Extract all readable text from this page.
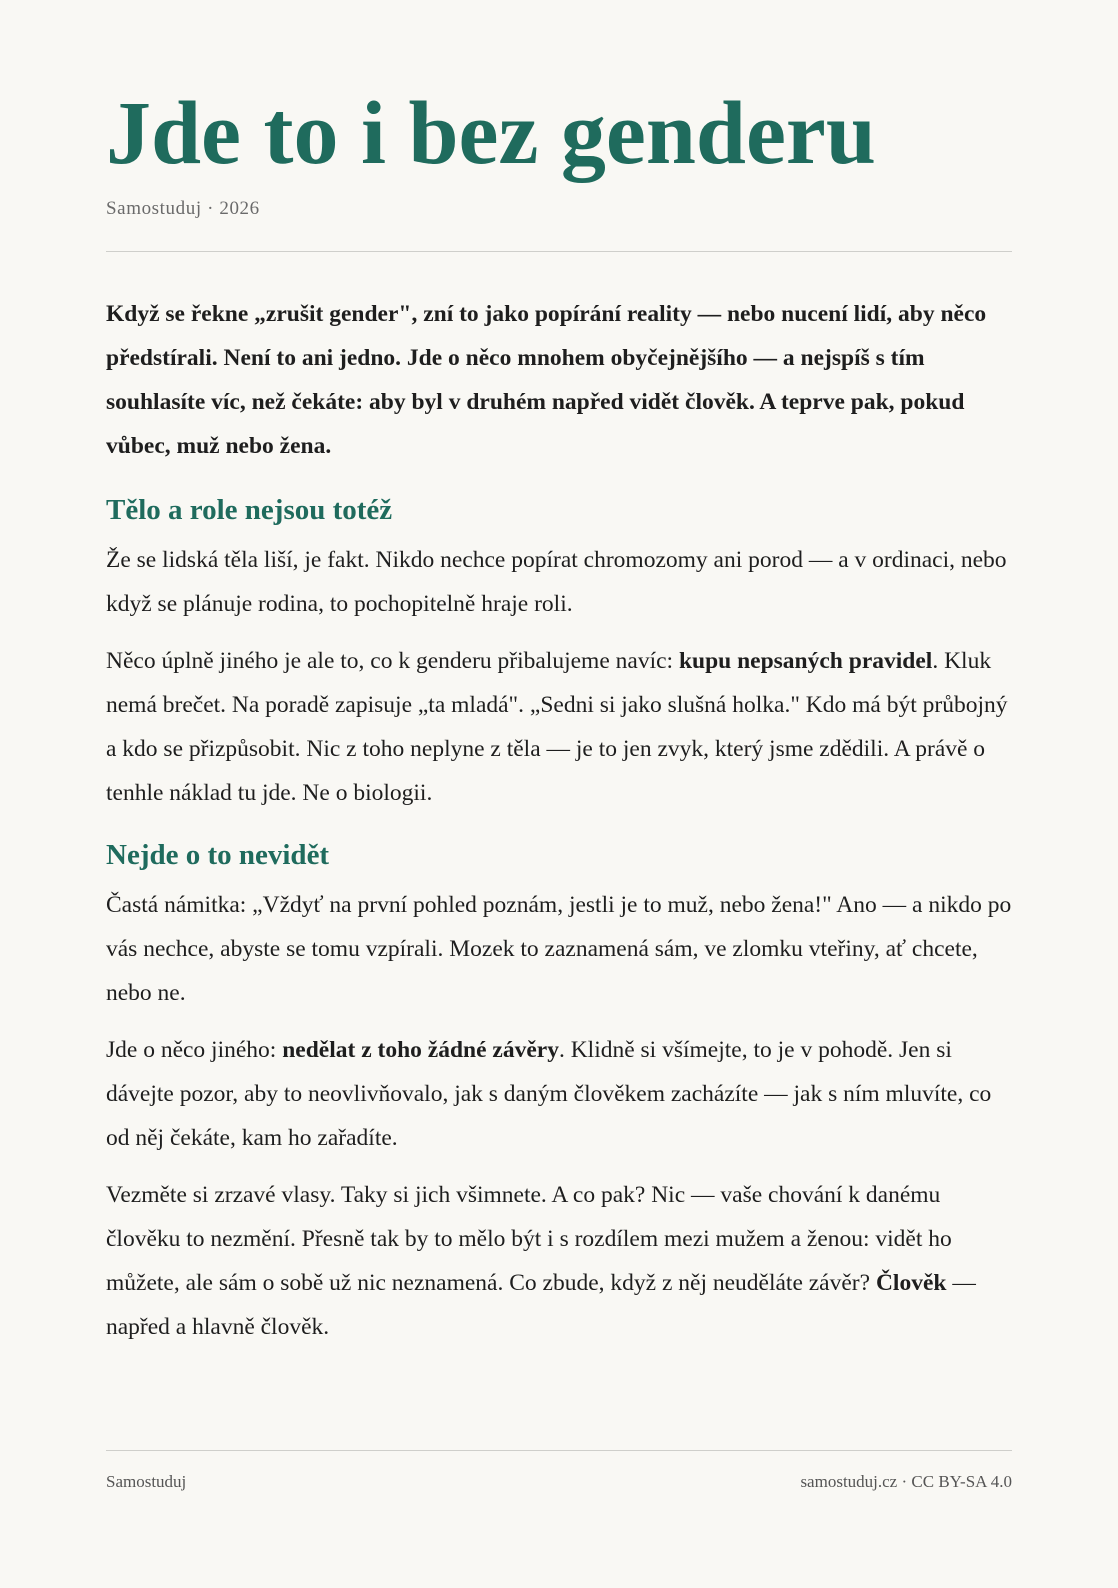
Jde to i bez genderu
Samostuduj · 2026

Když se řekne „zrušit gender", zní to jako popírání reality — nebo nucení lidí, aby něco předstírali. Není to ani jedno. Jde o něco mnohem obyčejnějšího — a nejspíš s tím souhlasíte víc, než čekáte: aby byl v druhém napřed vidět člověk. A teprve pak, pokud vůbec, muž nebo žena.

Tělo a role nejsou totéž

Že se lidská těla liší, je fakt. Nikdo nechce popírat chromozomy ani porod — a v ordinaci, nebo když se plánuje rodina, to pochopitelně hraje roli.

Něco úplně jiného je ale to, co k genderu přibalujeme navíc: kupu nepsaných pravidel. Kluk nemá brečet. Na poradě zapisuje „ta mladá". „Sedni si jako slušná holka." Kdo má být průbojný a kdo se přizpůsobit. Nic z toho neplyne z těla — je to jen zvyk, který jsme zdědili. A právě o tenhle náklad tu jde. Ne o biologii.

Nejde o to nevidět

Častá námitka: „Vždyť na první pohled poznám, jestli je to muž, nebo žena!" Ano — a nikdo po vás nechce, abyste se tomu vzpírali. Mozek to zaznamená sám, ve zlomku vteřiny, ať chcete, nebo ne.

Jde o něco jiného: nedělat z toho žádné závěry. Klidně si všímejte, to je v pohodě. Jen si dávejte pozor, aby to neovlivňovalo, jak s daným člověkem zacházíte — jak s ním mluvíte, co od něj čekáte, kam ho zařadíte.

Vezměte si zrzavé vlasy. Taky si jich všimnete. A co pak? Nic — vaše chování k danému člověku to nezmění. Přesně tak by to mělo být i s rozdílem mezi mužem a ženou: vidět ho můžete, ale sám o sobě už nic neznamená. Co zbude, když z něj neuděláte závěr? Člověk — napřed a hlavně člověk.

Samostuduj	samostuduj.cz · CC BY-SA 4.0
